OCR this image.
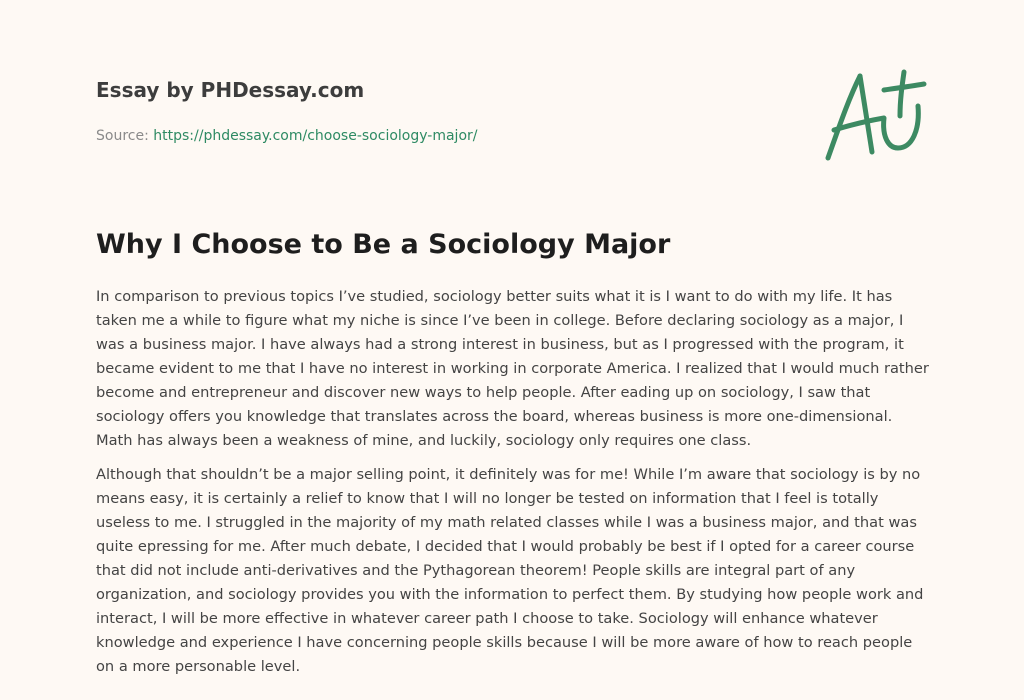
Essay by PHDessay.com
Source: https://phdessay.com/choose-sociology-major/
Why I Choose to Be a Sociology Major

In comparison to previous topics I’ve studied, sociology better suits what it is I want to do with my life. It has taken me a while to figure what my niche is since I’ve been in college. Before declaring sociology as a major, I was a business major. I have always had a strong interest in business, but as I progressed with the program, it became evident to me that I have no interest in working in corporate America. I realized that I would much rather become and entrepreneur and discover new ways to help people. After eading up on sociology, I saw that sociology offers you knowledge that translates across the board, whereas business is more one-dimensional. Math has always been a weakness of mine, and luckily, sociology only requires one class.

Although that shouldn’t be a major selling point, it definitely was for me! While I’m aware that sociology is by no means easy, it is certainly a relief to know that I will no longer be tested on information that I feel is totally useless to me. I struggled in the majority of my math related classes while I was a business major, and that was quite epressing for me. After much debate, I decided that I would probably be best if I opted for a career course that did not include anti-derivatives and the Pythagorean theorem! People skills are integral part of any organization, and sociology provides you with the information to perfect them. By studying how people work and interact, I will be more effective in whatever career path I choose to take. Sociology will enhance whatever knowledge and experience I have concerning people skills because I will be more aware of how to reach people on a more personable level.
